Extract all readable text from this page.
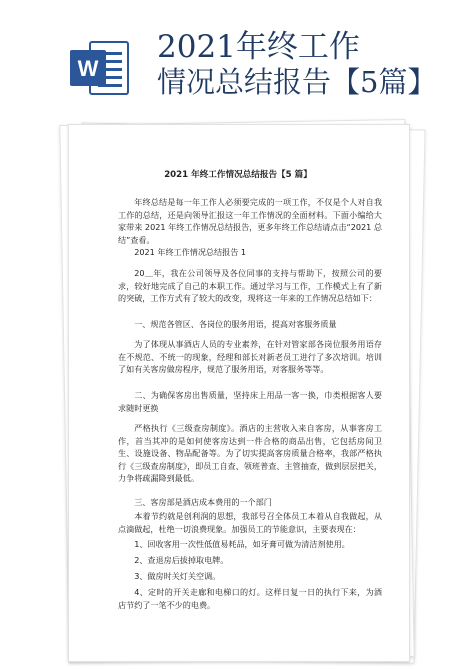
W
2021年终工作
情况总结报告【5篇】
2021 年终工作情况总结报告【5 篇】

年终总结是每一年工作人必须要完成的一项工作，不仅是个人对自我工作的总结，还是向领导汇报这一年工作情况的全面材料。下面小编给大家带来 2021 年终工作情况总结报告，更多年终工作总结请点击“2021 总结”查看。

2021 年终工作情况总结报告 1

20＿年，我在公司领导及各位同事的支持与帮助下，按照公司的要求，较好地完成了自己的本职工作。通过学习与工作，工作模式上有了新的突破，工作方式有了较大的改变，现将这一年来的工作情况总结如下：

一、规范各管区、各岗位的服务用语，提高对客服务质量

为了体现从事酒店人员的专业素养，在针对管家部各岗位服务用语存在不规范、不统一的现象，经理和部长对新老员工进行了多次培训。培训了如有关客房做房程序，规范了服务用语，对客服务等等。

二、为确保客房出售质量，坚持床上用品一客一换，巾类根据客人要求随时更换

严格执行《三级查房制度》。酒店的主营收入来自客房，从事客房工作，首当其冲的是如何使客房达到一件合格的商品出售，它包括房间卫生、设施设备、物品配备等。为了切实提高客房质量合格率，我部严格执行《三级查房制度》，即员工自查、领班普查、主管抽查，做到层层把关，力争将疏漏降到最低。

三、客房部是酒店成本费用的一个部门

本着节约就是创利润的思想，我部号召全体员工本着从自我做起，从点滴做起，杜绝一切浪费现象。加强员工的节能意识，主要表现在：

1、回收客用一次性低值易耗品，如牙膏可做为清洁剂使用。

2、查退房后拔掉取电牌。

3、做房时关灯关空调。

4、定时的开关走廊和电梯口的灯。这样日复一日的执行下来，为酒店节约了一笔不少的电费。
